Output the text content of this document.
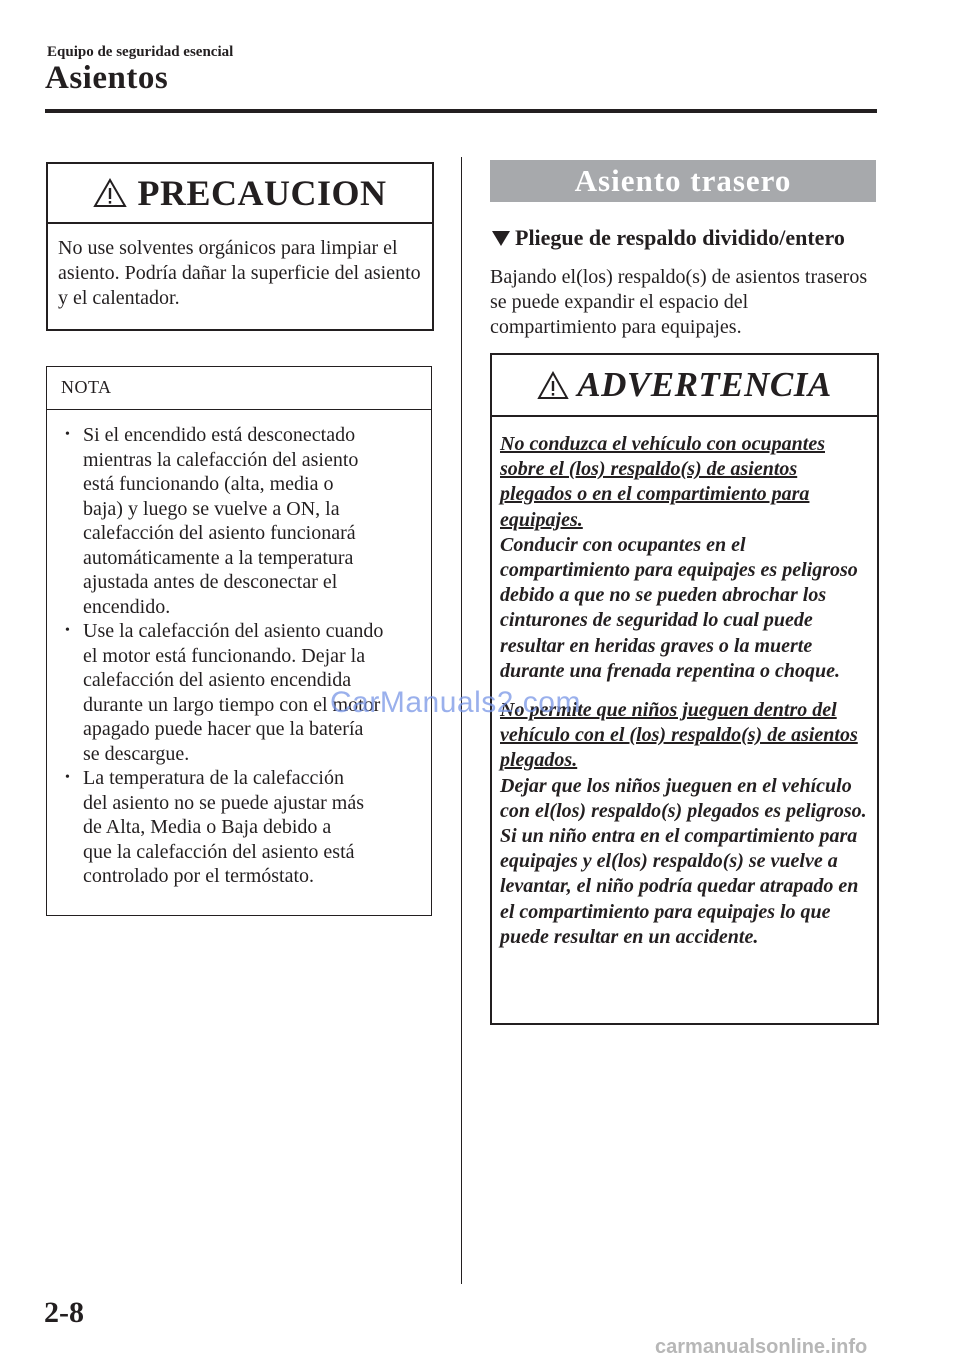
Equipo de seguridad esencial
Asientos
PRECAUCION
No use solventes orgánicos para limpiar el asiento. Podría dañar la superficie del asiento y el calentador.
NOTA
• Si el encendido está desconectado
mientras la calefacción del asiento
está funcionando (alta, media o
baja) y luego se vuelve a ON, la
calefacción del asiento funcionará
automáticamente a la temperatura
ajustada antes de desconectar el
encendido.
• Use la calefacción del asiento cuando
el motor está funcionando. Dejar la
calefacción del asiento encendida
durante un largo tiempo con el motor
apagado puede hacer que la batería
se descargue.
• La temperatura de la calefacción
del asiento no se puede ajustar más
de Alta, Media o Baja debido a
que la calefacción del asiento está
controlado por el termóstato.
Asiento trasero
Pliegue de respaldo dividido/entero
Bajando el(los) respaldo(s) de asientos traseros se puede expandir el espacio del compartimiento para equipajes.
ADVERTENCIA

No conduzca el vehículo con ocupantes sobre el (los) respaldo(s) de asientos plegados o en el compartimiento para equipajes.

Conducir con ocupantes en el compartimiento para equipajes es peligroso debido a que no se pueden abrochar los cinturones de seguridad lo cual puede resultar en heridas graves o la muerte durante una frenada repentina o choque.

No permite que niños jueguen dentro del vehículo con el (los) respaldo(s) de asientos plegados.

Dejar que los niños jueguen en el vehículo con el(los) respaldo(s) plegados es peligroso. Si un niño entra en el compartimiento para equipajes y el(los) respaldo(s) se vuelve a levantar, el niño podría quedar atrapado en el compartimiento para equipajes lo que puede resultar en un accidente.

2-8
CarManuals2.com
carmanualsonline.info
